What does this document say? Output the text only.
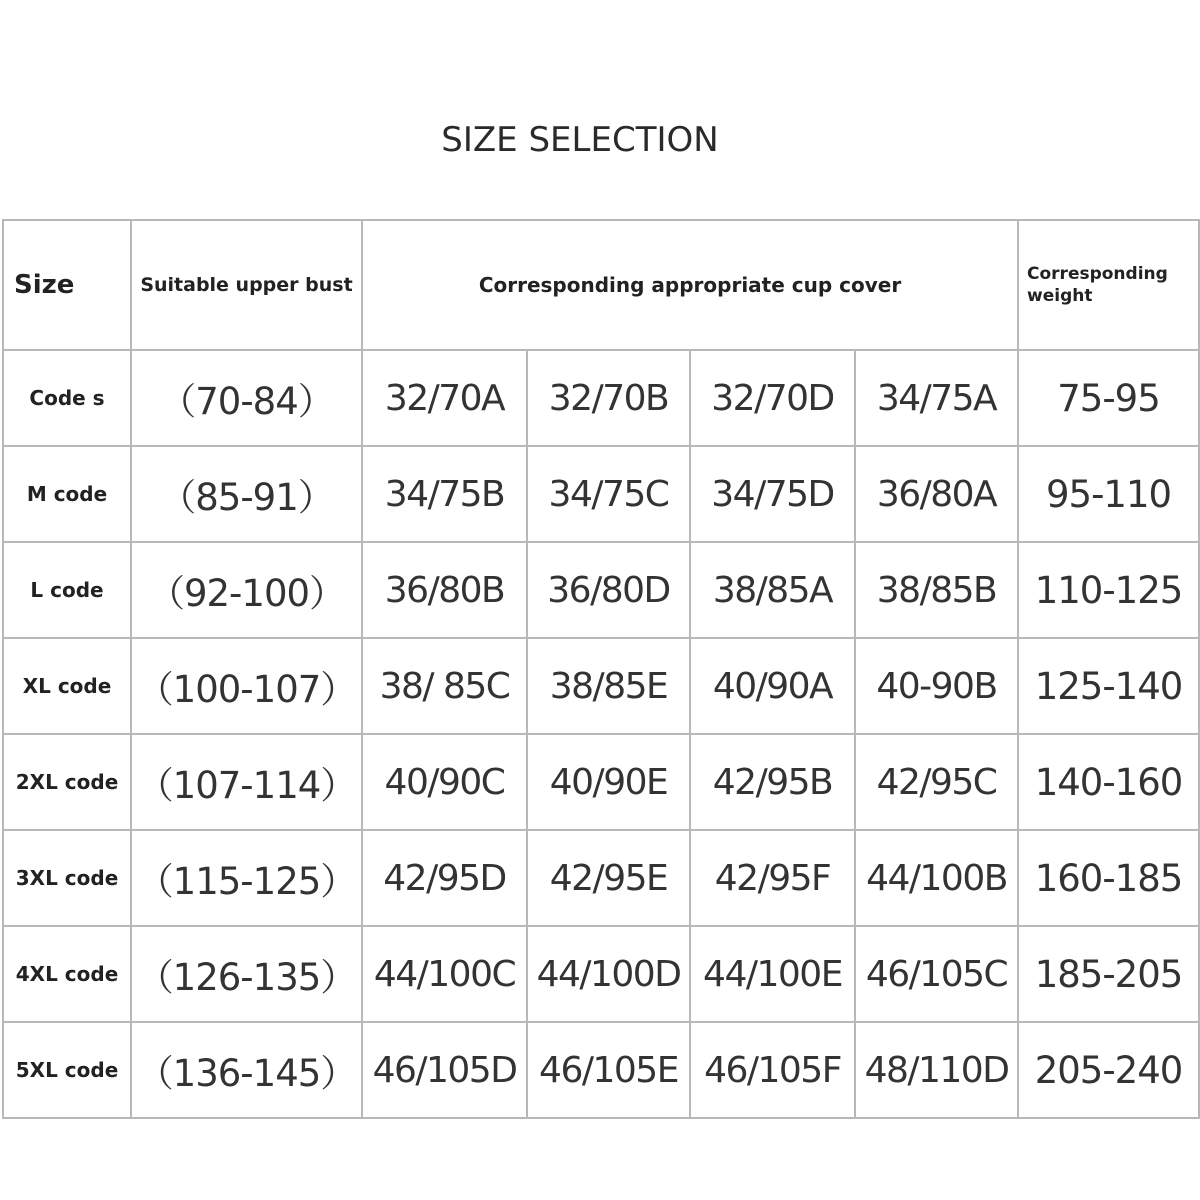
SIZE SELECTION
Size	Suitable upper bust	Corresponding appropriate cup cover				Corresponding weight
Code s	（70-84）	32/70A	32/70B	32/70D	34/75A	75-95
M code	（85-91）	34/75B	34/75C	34/75D	36/80A	95-110
L code	（92-100）	36/80B	36/80D	38/85A	38/85B	110-125
XL code	（100-107）	38/ 85C	38/85E	40/90A	40-90B	125-140
2XL code	（107-114）	40/90C	40/90E	42/95B	42/95C	140-160
3XL code	（115-125）	42/95D	42/95E	42/95F	44/100B	160-185
4XL code	（126-135）	44/100C	44/100D	44/100E	46/105C	185-205
5XL code	（136-145）	46/105D	46/105E	46/105F	48/110D	205-240
